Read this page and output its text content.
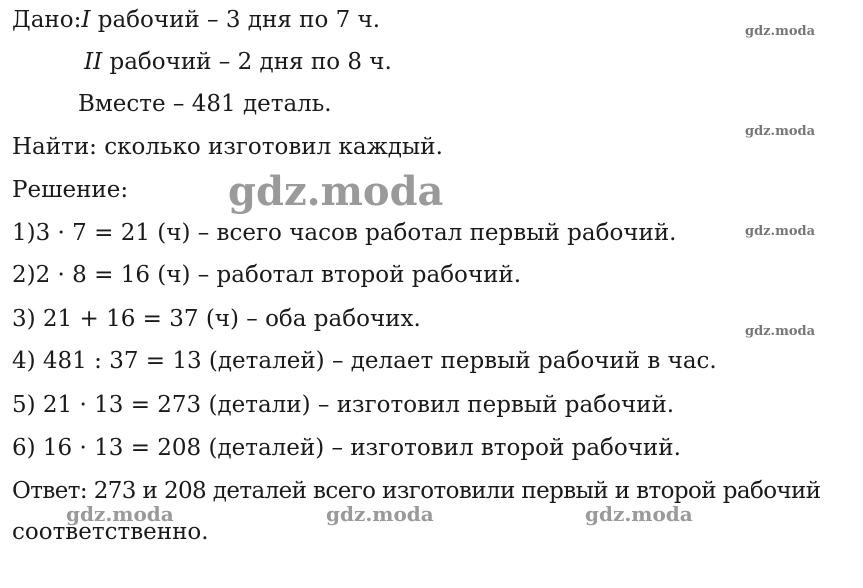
gdz.moda
gdz.moda
gdz.moda
gdz.moda
gdz.moda
gdz.moda	gdz.moda	gdz.moda
Дано:I рабочий – 3 дня по 7 ч.
II рабочий – 2 дня по 8 ч.
Вместе – 481 деталь.
Найти: сколько изготовил каждый.
Решение:
1)3 · 7 = 21 (ч) – всего часов работал первый рабочий.
2)2 · 8 = 16 (ч) – работал второй рабочий.
3) 21 + 16 = 37 (ч) – оба рабочих.
4) 481 : 37 = 13 (деталей) – делает первый рабочий в час.
5) 21 · 13 = 273 (детали) – изготовил первый рабочий.
6) 16 · 13 = 208 (деталей) – изготовил второй рабочий.
Ответ: 273 и 208 деталей всего изготовили первый и второй рабочий
соответственно.
